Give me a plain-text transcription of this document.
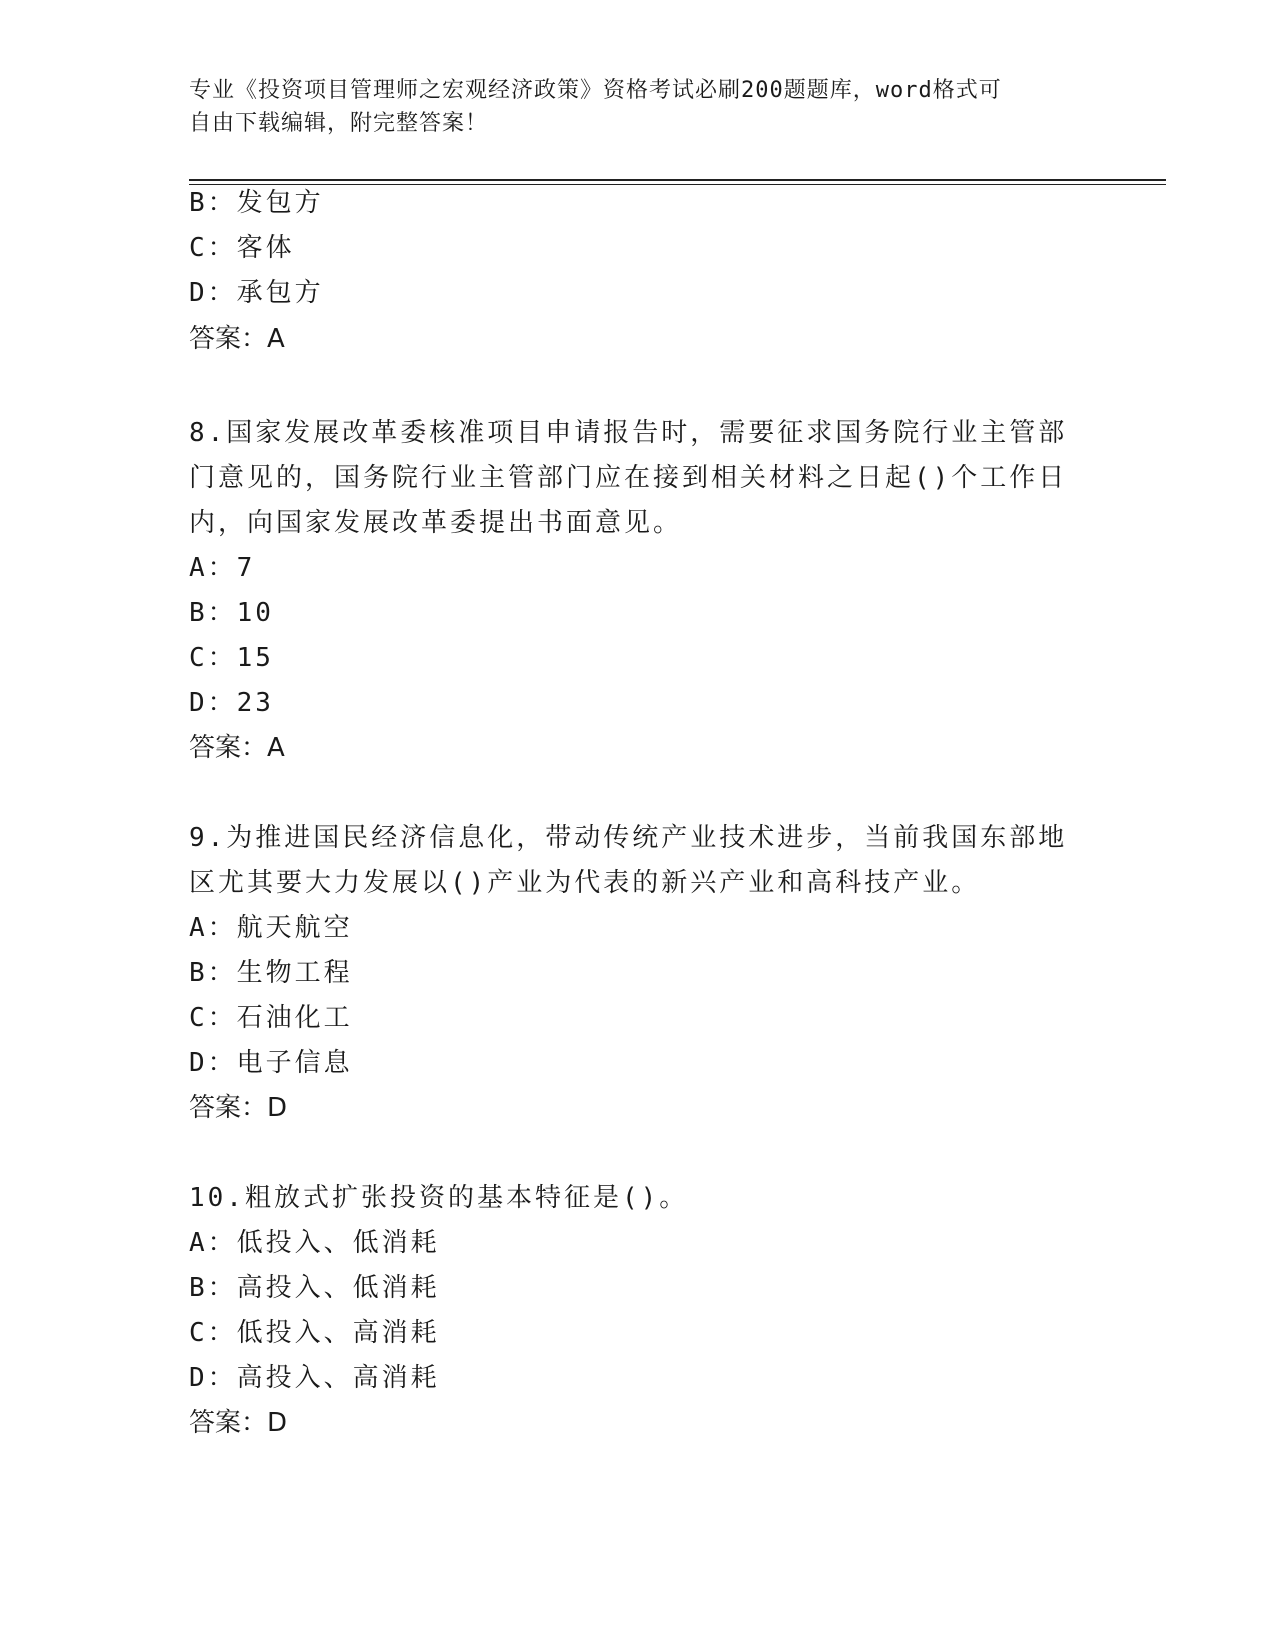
专业《投资项目管理师之宏观经济政策》资格考试必刷200题题库，word格式可
自由下载编辑，附完整答案！
B：发包方
C：客体
D：承包方
答案：A
8.国家发展改革委核准项目申请报告时，需要征求国务院行业主管部
门意见的，国务院行业主管部门应在接到相关材料之日起()个工作日
内，向国家发展改革委提出书面意见。
A：7
B：10
C：15
D：23
答案：A
9.为推进国民经济信息化，带动传统产业技术进步，当前我国东部地
区尤其要大力发展以()产业为代表的新兴产业和高科技产业。
A：航天航空
B：生物工程
C：石油化工
D：电子信息
答案：D
10.粗放式扩张投资的基本特征是()。
A：低投入、低消耗
B：高投入、低消耗
C：低投入、高消耗
D：高投入、高消耗
答案：D
